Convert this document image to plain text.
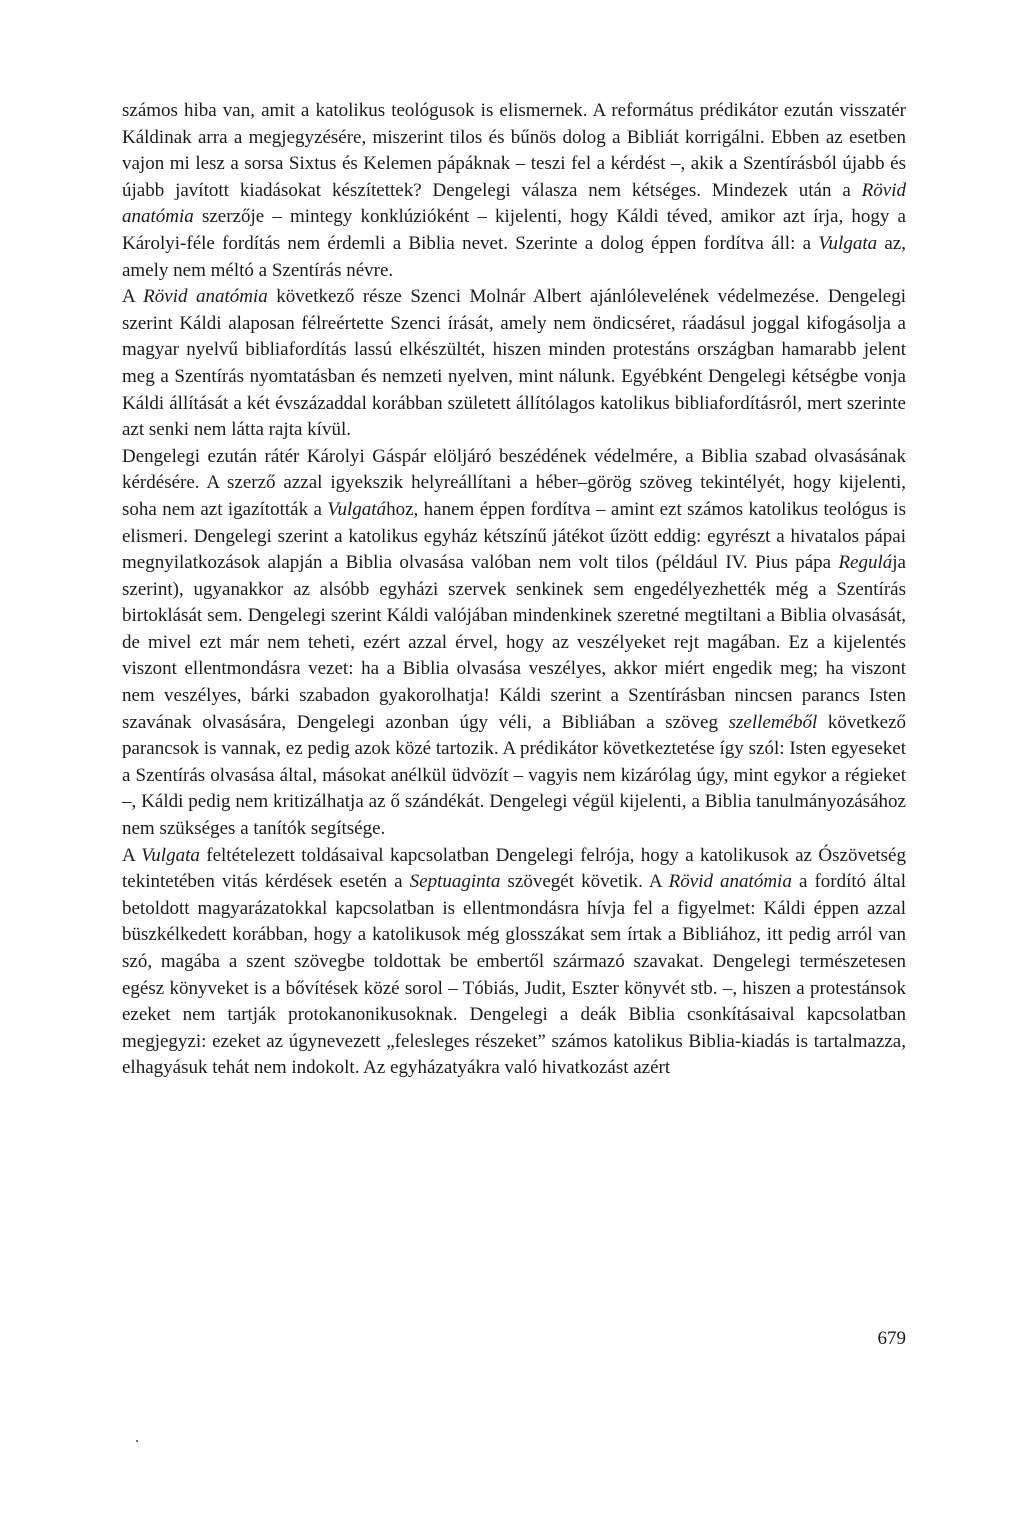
számos hiba van, amit a katolikus teológusok is elismernek. A református prédikátor ezután visszatér Káldinak arra a megjegyzésére, miszerint tilos és bűnös dolog a Bibliát korrigálni. Ebben az esetben vajon mi lesz a sorsa Sixtus és Kelemen pápáknak – teszi fel a kérdést –, akik a Szentírásból újabb és újabb javított kiadásokat készítettek? Dengelegi válasza nem kétséges. Mindezek után a Rövid anatómia szerzője – mintegy konklúzióként – kijelenti, hogy Káldi téved, amikor azt írja, hogy a Károlyi-féle fordítás nem érdemli a Biblia nevet. Szerinte a dolog éppen fordítva áll: a Vulgata az, amely nem méltó a Szentírás névre.

A Rövid anatómia következő része Szenci Molnár Albert ajánlólevelének védelmezése. Dengelegi szerint Káldi alaposan félreértette Szenci írását, amely nem öndicséret, ráadásul joggal kifogásolja a magyar nyelvű bibliafordítás lassú elkészültét, hiszen minden protestáns országban hamarabb jelent meg a Szentírás nyomtatásban és nemzeti nyelven, mint nálunk. Egyébként Dengelegi kétségbe vonja Káldi állítását a két évszázaddal korábban született állítólagos katolikus bibliafordításról, mert szerinte azt senki nem látta rajta kívül.

Dengelegi ezután rátér Károlyi Gáspár elöljáró beszédének védelmére, a Biblia szabad olvasásának kérdésére. A szerző azzal igyekszik helyreállítani a héber–görög szöveg tekintélyét, hogy kijelenti, soha nem azt igazították a Vulgatához, hanem éppen fordítva – amint ezt számos katolikus teológus is elismeri. Dengelegi szerint a katolikus egyház kétszínű játékot űzött eddig: egyrészt a hivatalos pápai megnyilatkozások alapján a Biblia olvasása valóban nem volt tilos (például IV. Pius pápa Regulája szerint), ugyanakkor az alsóbb egyházi szervek senkinek sem engedélyezhették még a Szentírás birtoklását sem. Dengelegi szerint Káldi valójában mindenkinek szeretné megtiltani a Biblia olvasását, de mivel ezt már nem teheti, ezért azzal érvel, hogy az veszélyeket rejt magában. Ez a kijelentés viszont ellentmondásra vezet: ha a Biblia olvasása veszélyes, akkor miért engedik meg; ha viszont nem veszélyes, bárki szabadon gyakorolhatja! Káldi szerint a Szentírásban nincsen parancs Isten szavának olvasására, Dengelegi azonban úgy véli, a Bibliában a szöveg szelleméből következő parancsok is vannak, ez pedig azok közé tartozik. A prédikátor következtetése így szól: Isten egyeseket a Szentírás olvasása által, másokat anélkül üdvözít – vagyis nem kizárólag úgy, mint egykor a régieket –, Káldi pedig nem kritizálhatja az ő szándékát. Dengelegi végül kijelenti, a Biblia tanulmányozásához nem szükséges a tanítók segítsége.

A Vulgata feltételezett toldásaival kapcsolatban Dengelegi felrója, hogy a katolikusok az Ószövetség tekintetében vitás kérdések esetén a Septuaginta szövegét követik. A Rövid anatómia a fordító által betoldott magyarázatokkal kapcsolatban is ellentmondásra hívja fel a figyelmet: Káldi éppen azzal büszkélkedett korábban, hogy a katolikusok még glosszákat sem írtak a Bibliához, itt pedig arról van szó, magába a szent szövegbe toldottak be embertől származó szavakat. Dengelegi természetesen egész könyveket is a bővítések közé sorol – Tóbiás, Judit, Eszter könyvét stb. –, hiszen a protestánsok ezeket nem tartják protokanonikusoknak. Dengelegi a deák Biblia csonkításaival kapcsolatban megjegyzi: ezeket az úgynevezett „felesleges részeket” számos katolikus Biblia-kiadás is tartalmazza, elhagyásuk tehát nem indokolt. Az egyházatyákra való hivatkozást azért

679
